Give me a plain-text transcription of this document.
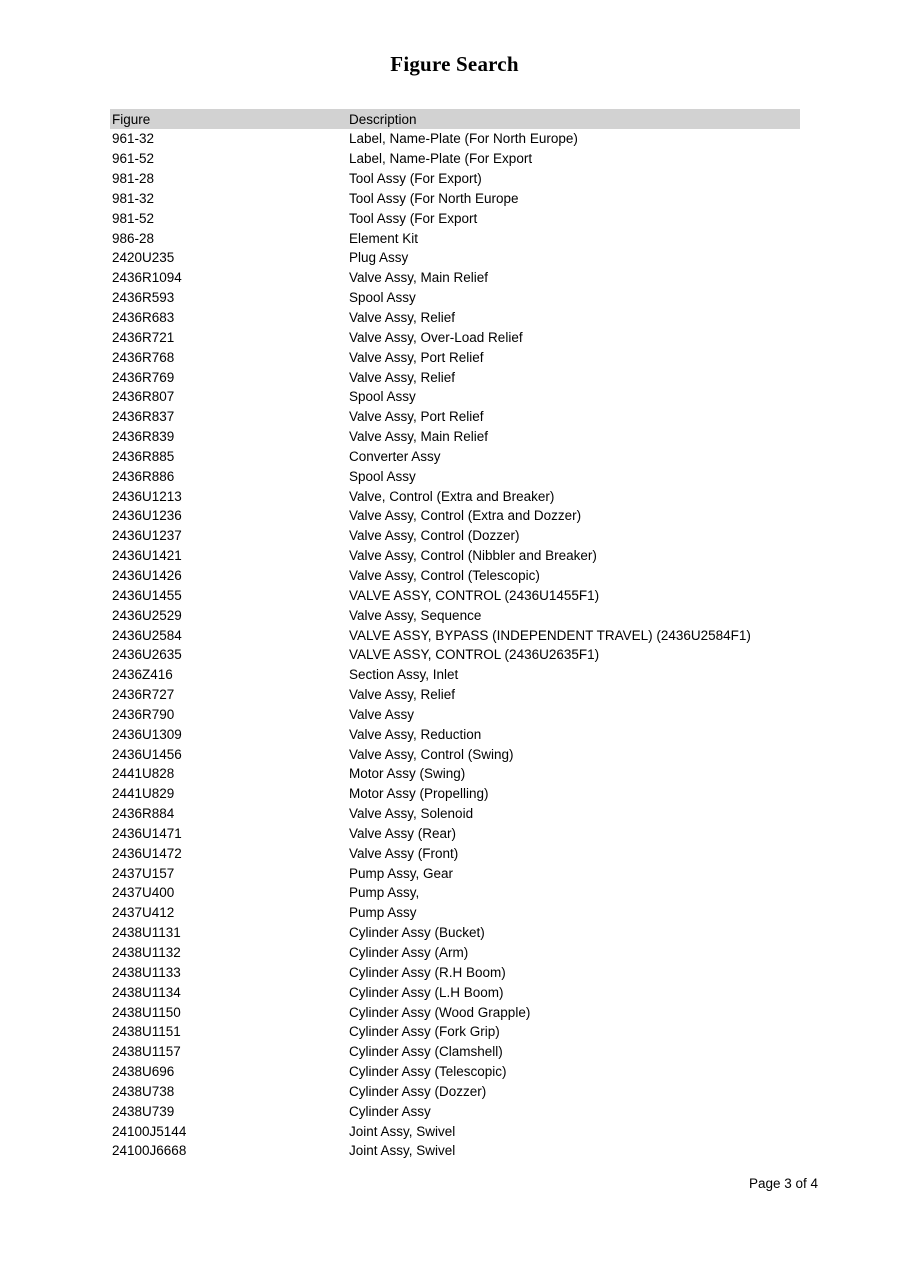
Figure Search
Figure	Description
961-32	Label, Name-Plate (For North Europe)
961-52	Label, Name-Plate (For Export
981-28	Tool Assy (For Export)
981-32	Tool Assy (For North Europe
981-52	Tool Assy (For Export
986-28	Element Kit
2420U235	Plug Assy
2436R1094	Valve Assy, Main Relief
2436R593	Spool Assy
2436R683	Valve Assy, Relief
2436R721	Valve Assy, Over-Load Relief
2436R768	Valve Assy, Port Relief
2436R769	Valve Assy, Relief
2436R807	Spool Assy
2436R837	Valve Assy, Port Relief
2436R839	Valve Assy, Main Relief
2436R885	Converter Assy
2436R886	Spool Assy
2436U1213	Valve, Control (Extra and Breaker)
2436U1236	Valve Assy, Control (Extra and Dozzer)
2436U1237	Valve Assy, Control (Dozzer)
2436U1421	Valve Assy, Control (Nibbler and Breaker)
2436U1426	Valve Assy, Control (Telescopic)
2436U1455	VALVE ASSY, CONTROL (2436U1455F1)
2436U2529	Valve Assy, Sequence
2436U2584	VALVE ASSY, BYPASS (INDEPENDENT TRAVEL) (2436U2584F1)
2436U2635	VALVE ASSY, CONTROL (2436U2635F1)
2436Z416	Section Assy, Inlet
2436R727	Valve Assy, Relief
2436R790	Valve Assy
2436U1309	Valve Assy, Reduction
2436U1456	Valve Assy, Control (Swing)
2441U828	Motor Assy (Swing)
2441U829	Motor Assy (Propelling)
2436R884	Valve Assy, Solenoid
2436U1471	Valve Assy (Rear)
2436U1472	Valve Assy (Front)
2437U157	Pump Assy, Gear
2437U400	Pump Assy,
2437U412	Pump Assy
2438U1131	Cylinder Assy (Bucket)
2438U1132	Cylinder Assy (Arm)
2438U1133	Cylinder Assy (R.H Boom)
2438U1134	Cylinder Assy (L.H Boom)
2438U1150	Cylinder Assy (Wood Grapple)
2438U1151	Cylinder Assy (Fork Grip)
2438U1157	Cylinder Assy (Clamshell)
2438U696	Cylinder Assy (Telescopic)
2438U738	Cylinder Assy (Dozzer)
2438U739	Cylinder Assy
24100J5144	Joint Assy, Swivel
24100J6668	Joint Assy, Swivel
Page 3 of 4
